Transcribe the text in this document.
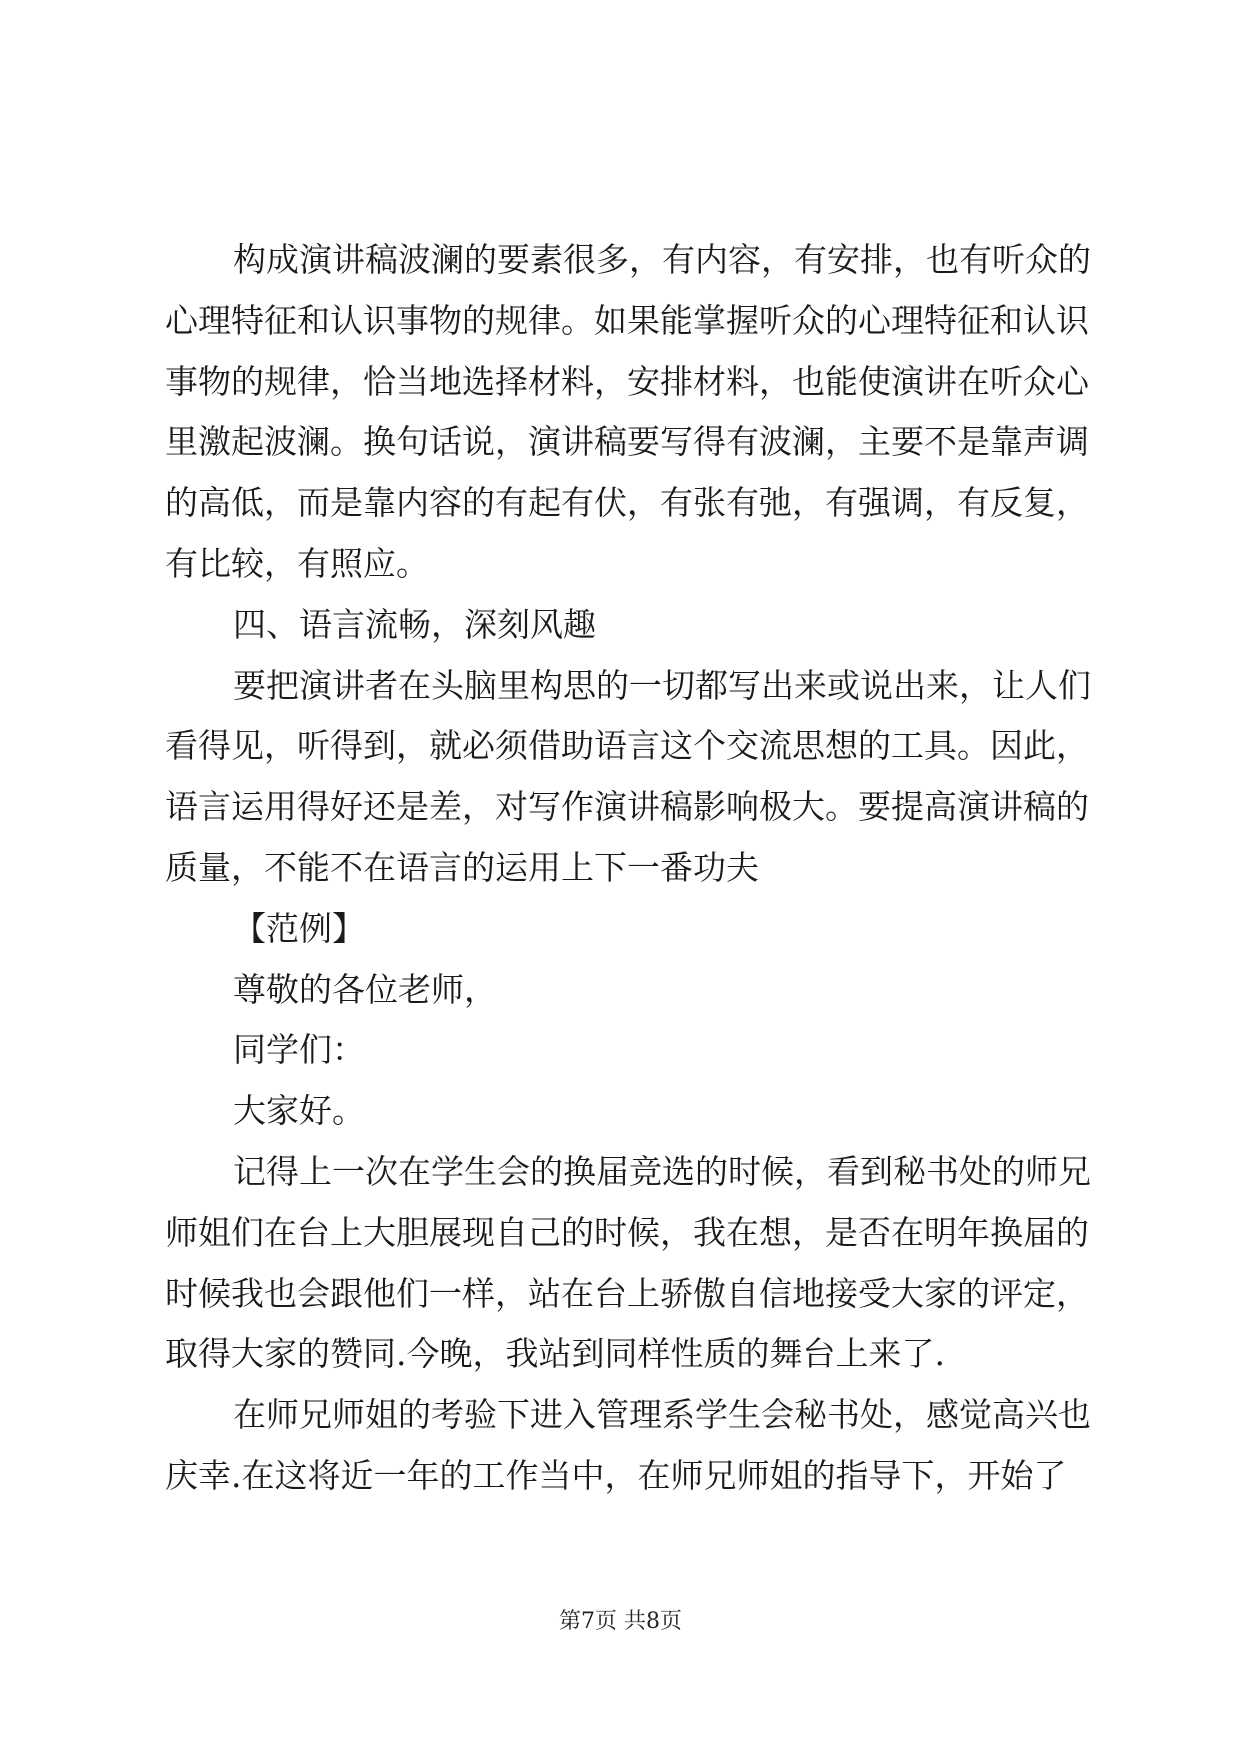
构成演讲稿波澜的要素很多，有内容，有安排，也有听众的
心理特征和认识事物的规律。如果能掌握听众的心理特征和认识
事物的规律，恰当地选择材料，安排材料，也能使演讲在听众心
里激起波澜。换句话说，演讲稿要写得有波澜，主要不是靠声调
的高低，而是靠内容的有起有伏，有张有弛，有强调，有反复，
有比较，有照应。
四、语言流畅，深刻风趣
要把演讲者在头脑里构思的一切都写出来或说出来，让人们
看得见，听得到，就必须借助语言这个交流思想的工具。因此，
语言运用得好还是差，对写作演讲稿影响极大。要提高演讲稿的
质量，不能不在语言的运用上下一番功夫
【范例】
尊敬的各位老师，
同学们：
大家好。
记得上一次在学生会的换届竞选的时候，看到秘书处的师兄
师姐们在台上大胆展现自己的时候，我在想，是否在明年换届的
时候我也会跟他们一样，站在台上骄傲自信地接受大家的评定，
取得大家的赞同.今晚，我站到同样性质的舞台上来了.
在师兄师姐的考验下进入管理系学生会秘书处，感觉高兴也
庆幸.在这将近一年的工作当中，在师兄师姐的指导下，开始了
第7页 共8页
